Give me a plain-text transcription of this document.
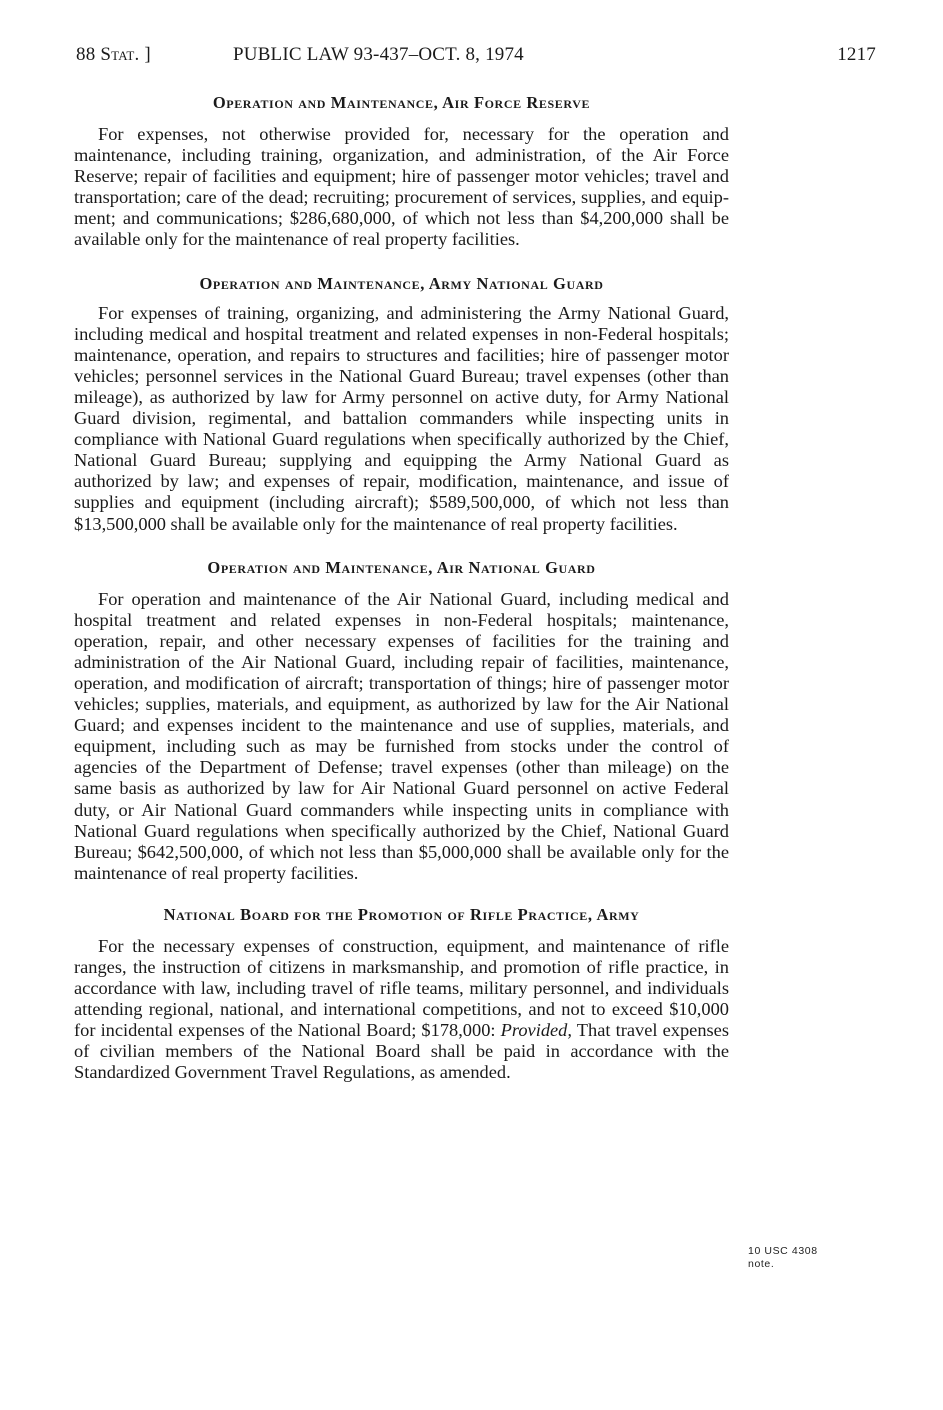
88 Stat. ]	PUBLIC LAW 93-437–OCT. 8, 1974	1217
Operation and Maintenance, Air Force Reserve

For expenses, not otherwise provided for, necessary for the operation and maintenance, including training, organization, and administration, of the Air Force Reserve; repair of facilities and equipment; hire of passenger motor vehicles; travel and transportation; care of the dead; recruiting; procurement of services, supplies, and equipment; and communications; $286,680,000, of which not less than $4,200,000 shall be available only for the maintenance of real property facilities.

Operation and Maintenance, Army National Guard

For expenses of training, organizing, and administering the Army National Guard, including medical and hospital treatment and related expenses in non-Federal hospitals; maintenance, operation, and repairs to structures and facilities; hire of passenger motor vehicles; personnel services in the National Guard Bureau; travel expenses (other than mileage), as authorized by law for Army personnel on active duty, for Army National Guard division, regimental, and battalion commanders while inspecting units in compliance with National Guard regulations when specifically authorized by the Chief, National Guard Bureau; supplying and equipping the Army National Guard as authorized by law; and expenses of repair, modification, maintenance, and issue of supplies and equipment (including aircraft); $589,500,000, of which not less than $13,500,000 shall be available only for the maintenance of real property facilities.

Operation and Maintenance, Air National Guard

For operation and maintenance of the Air National Guard, including medical and hospital treatment and related expenses in non-Federal hospitals; maintenance, operation, repair, and other necessary expenses of facilities for the training and administration of the Air National Guard, including repair of facilities, maintenance, operation, and modification of aircraft; transportation of things; hire of passenger motor vehicles; supplies, materials, and equipment, as authorized by law for the Air National Guard; and expenses incident to the maintenance and use of supplies, materials, and equipment, including such as may be furnished from stocks under the control of agencies of the Department of Defense; travel expenses (other than mileage) on the same basis as authorized by law for Air National Guard personnel on active Federal duty, or Air National Guard commanders while inspecting units in compliance with National Guard regulations when specifically authorized by the Chief, National Guard Bureau; $642,500,000, of which not less than $5,000,000 shall be available only for the maintenance of real property facilities.

National Board for the Promotion of Rifle Practice, Army

For the necessary expenses of construction, equipment, and maintenance of rifle ranges, the instruction of citizens in marksmanship, and promotion of rifle practice, in accordance with law, including travel of rifle teams, military personnel, and individuals attending regional, national, and international competitions, and not to exceed $10,000 for incidental expenses of the National Board; $178,000: Provided, That travel expenses of civilian members of the National Board shall be paid in accordance with the Standardized Government Travel Regulations, as amended.

10 USC 4308
note.
